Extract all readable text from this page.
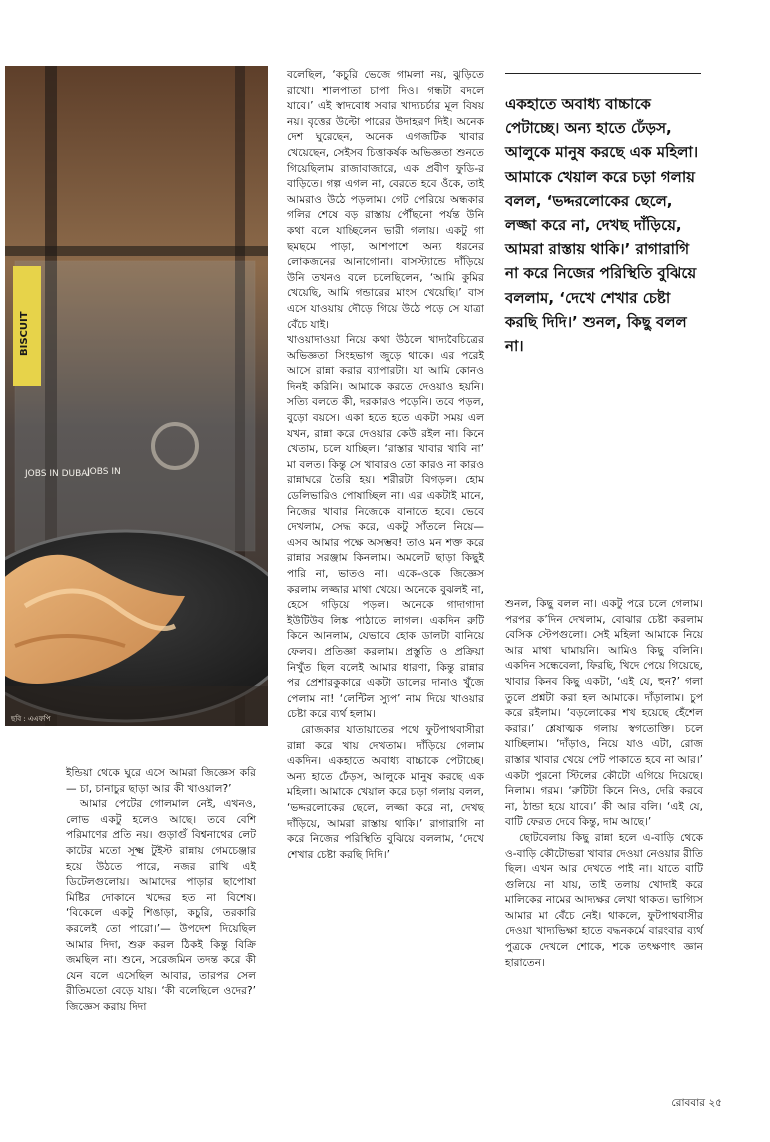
BISCUIT
JOBS IN DUBAI
JOBS IN
ছবি : এএফপি

ইন্ডিয়া থেকে ঘুরে এসে আমরা জিজ্ঞেস করি— চা, চানাচুর ছাড়া আর কী খাওয়াল?’

আমার পেটের গোলমাল নেই, এখনও, লোভ একটু হলেও আছে। তবে বেশি পরিমাণের প্রতি নয়। গুড়াগুঁ বিশ্বনাথের লেট কাটের মতো সূক্ষ্ম টুইস্ট রান্নায় গেমচেঞ্জার হয়ে উঠতে পারে, নজর রাখি এই ডিটেলগুলোয়। আমাদের পাড়ার ছাপোষা মিষ্টির দোকানে খদ্দের হত না বিশেষ। ‘বিকেলে একটু শিঙাড়া, কচুরি, তরকারি করলেই তো পারো।’— উপদেশ দিয়েছিল আমার দিদা, শুরু করল ঠিকই কিন্তু বিক্রি জমছিল না। শুনে, সরেজমিন তদন্ত করে কী যেন বলে এসেছিল আবার, তারপর সেল রীতিমতো বেড়ে যায়। ‘কী বলেছিলে ওদের?’ জিজ্ঞেস করায় দিদা

বলেছিল, ‘কচুরি ভেজে গামলা নয়, ঝুড়িতে রাখো। শালপাতা চাপা দিও। গন্ধটা বদলে যাবে।’ এই স্বাদবোধ সবার খাদ্যচর্চার মূল বিষয় নয়। বৃত্তের উল্টো পারের উদাহরণ দিই। অনেক দেশ ঘুরেছেন, অনেক এগজটিক খাবার খেয়েছেন, সেইসব চিত্তাকর্ষক অভিজ্ঞতা শুনতে গিয়েছিলাম রাজাবাজারে, এক প্রবীণ ফুডি-র বাড়িতে। গল্প এগল না, বেরতে হবে ওঁকে, তাই আমরাও উঠে পড়লাম। গেট পেরিয়ে অন্ধকার গলির শেষে বড় রাস্তায় পৌঁছনো পর্যন্ত উনি কথা বলে যাচ্ছিলেন ভারী গলায়। একটু গা ছমছমে পাড়া, আশপাশে অন্য ধরনের লোকজনের আনাগোনা। বাসস্ট্যান্ডে দাঁড়িয়ে উনি তখনও বলে চলেছিলেন, ‘আমি কুমির খেয়েছি, আমি গন্ডারের মাংস খেয়েছি।’ বাস এসে যাওয়ায় দৌড়ে গিয়ে উঠে পড়ে সে যাত্রা বেঁচে যাই।

খাওয়াদাওয়া নিয়ে কথা উঠলে খাদ্যবৈচিত্রের অভিজ্ঞতা সিংহভাগ জুড়ে থাকে। এর পরেই আসে রান্না করার ব্যাপারটা। যা আমি কোনও দিনই করিনি। আমাকে করতে দেওয়াও হয়নি। সত্যি বলতে কী, দরকারও পড়েনি। তবে পড়ল, বুড়ো বয়সে। একা হতে হতে একটা সময় এল যখন, রান্না করে দেওয়ার কেউ রইল না। কিনে খেতাম, চলে যাচ্ছিল। ‘রাস্তার খাবার খাবি না’ মা বলত। কিন্তু সে খাবারও তো কারও না কারও রান্নাঘরে তৈরি হয়। শরীরটা বিগড়ল। হোম ডেলিভারিও পোষাচ্ছিল না। এর একটাই মানে, নিজের খাবার নিজেকে বানাতে হবে। ভেবে দেখলাম, সেদ্ধ করে, একটু সাঁতলে নিয়ে— এসব আমার পক্ষে অসম্ভব! তাও মন শক্ত করে রান্নার সরঞ্জাম কিনলাম। অমলেট ছাড়া কিছুই পারি না, ভাতও না। একে-ওকে জিজ্ঞেস করলাম লজ্জার মাথা খেয়ে। অনেকে বুঝলই না, হেসে গড়িয়ে পড়ল। অনেকে গাদাগাদা ইউটিউব লিঙ্ক পাঠাতে লাগল। একদিন রুটি কিনে আনলাম, যেভাবে হোক ডালটা বানিয়ে ফেলব। প্রতিজ্ঞা করলাম। প্রস্তুতি ও প্রক্রিয়া নিখুঁত ছিল বলেই আমার ধারণা, কিন্তু রান্নার পর প্রেশারকুকারে একটা ডালের দানাও খুঁজে পেলাম না! ‘লেন্টিল স্যুপ’ নাম দিয়ে খাওয়ার চেষ্টা করে ব্যর্থ হলাম।

রোজকার যাতায়াতের পথে ফুটপাথবাসীরা রান্না করে খায় দেখতাম। দাঁড়িয়ে গেলাম একদিন। একহাতে অবাধ্য বাচ্চাকে পেটাচ্ছে। অন্য হাতে ঢেঁড়স, আলুকে মানুষ করছে এক মহিলা। আমাকে খেয়াল করে চড়া গলায় বলল, ‘ভদ্দরলোকের ছেলে, লজ্জা করে না, দেখছ দাঁড়িয়ে, আমরা রাস্তায় থাকি।’ রাগারাগি না করে নিজের পরিস্থিতি বুঝিয়ে বললাম, ‘দেখে শেখার চেষ্টা করছি দিদি।’

একহাতে অবাধ্য বাচ্চাকে পেটাচ্ছে। অন্য হাতে ঢেঁড়স, আলুকে মানুষ করছে এক মহিলা। আমাকে খেয়াল করে চড়া গলায় বলল, ‘ভদ্দরলোকের ছেলে, লজ্জা করে না, দেখছ দাঁড়িয়ে, আমরা রাস্তায় থাকি।’ রাগারাগি না করে নিজের পরিস্থিতি বুঝিয়ে বললাম, ‘দেখে শেখার চেষ্টা করছি দিদি।’ শুনল, কিছু বলল না।

শুনল, কিছু বলল না। একটু পরে চলে গেলাম। পরপর ক’দিন দেখলাম, বোঝার চেষ্টা করলাম বেসিক স্টেপগুলো। সেই মহিলা আমাকে নিয়ে আর মাথা ঘামায়নি। আমিও কিছু বলিনি। একদিন সন্ধেবেলা, ফিরছি, খিদে পেয়ে গিয়েছে, খাবার কিনব কিছু একটা, ‘এই যে, হুন?’ গলা তুলে প্রশ্নটা করা হল আমাকে। দাঁড়ালাম। চুপ করে রইলাম। ‘বড়লোকের শখ হয়েছে হেঁশেল করার।’ শ্লেষাত্মক গলায় স্বগতোক্তি। চলে যাচ্ছিলাম। ‘দাঁড়াও, নিয়ে যাও এটা, রোজ রাস্তার খাবার খেয়ে পেট পাকাতে হবে না আর।’ একটা পুরনো স্টিলের কৌটো এগিয়ে দিয়েছে। নিলাম। গরম। ‘রুটিটা কিনে নিও, দেরি করবে না, ঠান্ডা হয়ে যাবে।’ কী আর বলি। ‘এই যে, বাটি ফেরত দেবে কিন্তু, দাম আছে।’

ছোটবেলায় কিছু রান্না হলে এ-বাড়ি থেকে ও-বাড়ি কৌটোভরা খাবার দেওয়া নেওয়ার রীতি ছিল। এখন আর দেখতে পাই না। যাতে বাটি গুলিয়ে না যায়, তাই তলায় খোদাই করে মালিকের নামের আদ্যক্ষর লেখা থাকত। ভাগ্যিস আমার মা বেঁচে নেই। থাকলে, ফুটপাথবাসীর দেওয়া খাদ্যভিক্ষা হাতে বদ্ধনকর্মে বারংবার ব্যর্থ পুত্রকে দেখলে শোকে, শকে তৎক্ষণাৎ জ্ঞান হারাতেন।

রোববার ২৫
